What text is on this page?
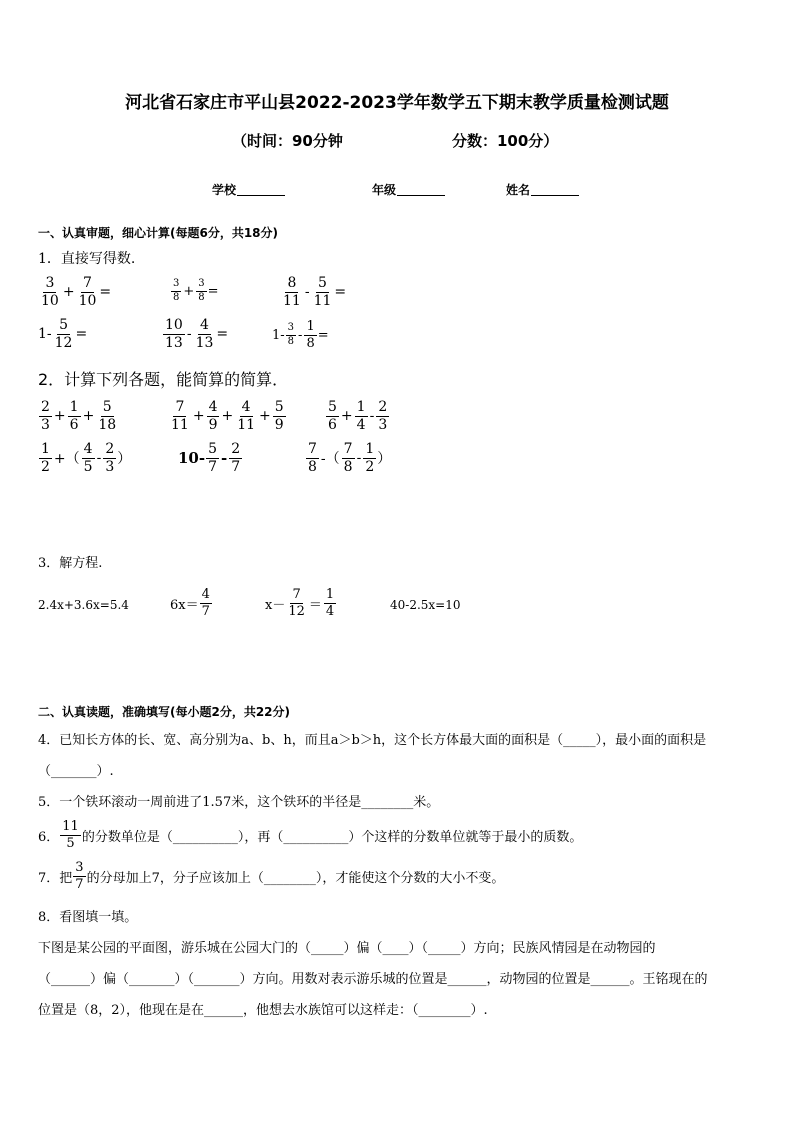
河北省石家庄市平山县2022-2023学年数学五下期末教学质量检测试题
（时间：90分钟	分数：100分）
学校	年级	姓名
一、认真审题，细心计算(每题6分，共18分)
1．直接写得数.
$\frac{3}{10} + \frac{7}{10}$ =	$\frac{3}{8} + \frac{3}{8}$ =	$\frac{8}{11} - \frac{5}{11}$ =
$1- \frac{5}{12}$ =	$\frac{10}{13} - \frac{4}{13}$ =	$1- \frac{3}{8} - \frac{1}{8}$ =
2．计算下列各题，能简算的简算．
$\frac{2}{3} + \frac{1}{6} + \frac{5}{18}$	$\frac{7}{11} + \frac{4}{9} + \frac{4}{11} + \frac{5}{9}$	$\frac{5}{6} + \frac{1}{4} - \frac{2}{3}$
$\frac{1}{2}$ +（ $\frac{4}{5} - \frac{2}{3}$ ）	$10- \frac{5}{7} - \frac{2}{7}$	$\frac{7}{8}$ -（ $\frac{7}{8} - \frac{1}{2}$ ）
3．解方程.
2.4x+3.6x=5.4	$6x= \frac{4}{7}$	$x- \frac{7}{12} = \frac{1}{4}$	40-2.5x=10
二、认真读题，准确填写(每小题2分，共22分)
4．已知长方体的长、宽、高分别为a、b、h，而且a＞b＞h，这个长方体最大面的面积是（_____），最小面的面积是
（_______）.
5．一个铁环滚动一周前进了1.57米，这个铁环的半径是________米。
6． $\frac{11}{5}$ 的分数单位是（__________），再（__________）个这样的分数单位就等于最小的质数。
7．把 $\frac{3}{7}$ 的分母加上7，分子应该加上（________），才能使这个分数的大小不变。
8．看图填一填。
下图是某公园的平面图，游乐城在公园大门的（_____）偏（____）（_____）方向；民族风情园是在动物园的
（______）偏（_______）（_______）方向。用数对表示游乐城的位置是______，动物园的位置是______。王铭现在的
位置是（8，2），他现在是在______，他想去水族馆可以这样走：（________）.
